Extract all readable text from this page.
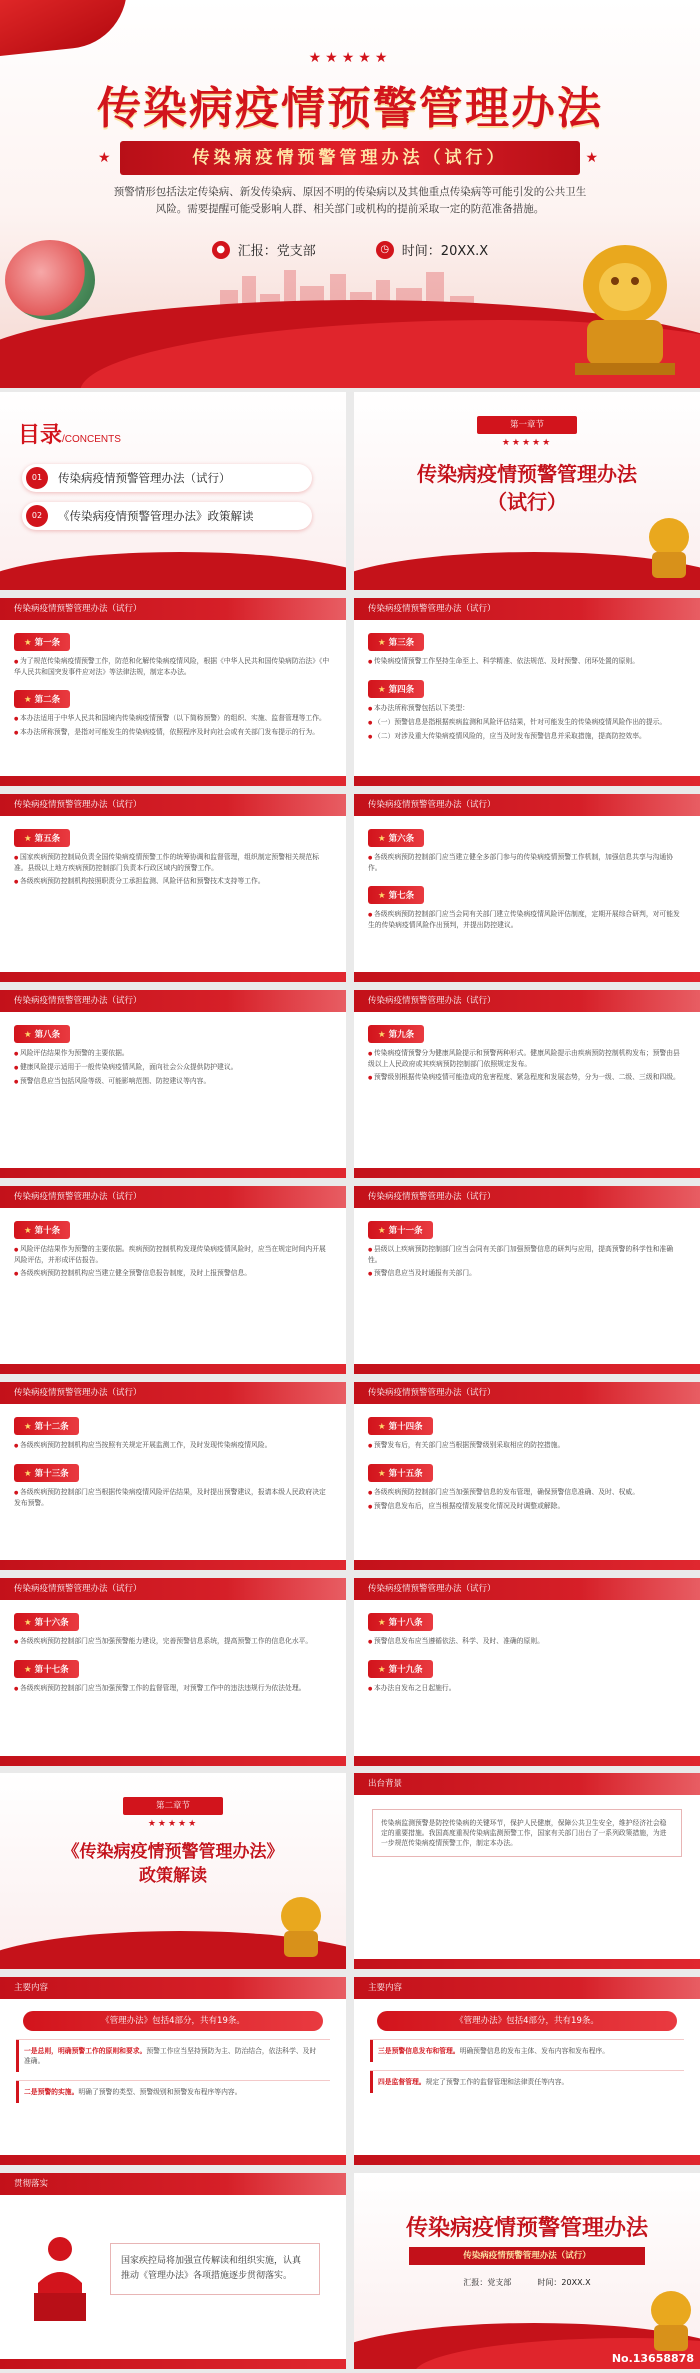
★★★★★
传染病疫情预警管理办法
★ 传染病疫情预警管理办法（试行） ★
预警情形包括法定传染病、新发传染病、原因不明的传染病以及其他重点传染病等可能引发的公共卫生风险。需要提醒可能受影响人群、相关部门或机构的提前采取一定的防范准备措施。
● 汇报：党支部	◷ 时间：20XX.X
目录/CONCENTS
01	传染病疫情预警管理办法（试行）
02	《传染病疫情预警管理办法》政策解读
第一章节
★★★★★
传染病疫情预警管理办法
（试行）
传染病疫情预警管理办法（试行）
★ 第一条

● 为了规范传染病疫情预警工作，防范和化解传染病疫情风险，根据《中华人民共和国传染病防治法》《中华人民共和国突发事件应对法》等法律法规，制定本办法。

★ 第二条

● 本办法适用于中华人民共和国境内传染病疫情预警（以下简称预警）的组织、实施、监督管理等工作。

● 本办法所称预警，是指对可能发生的传染病疫情，依照程序及时向社会或有关部门发布提示的行为。

传染病疫情预警管理办法（试行）
★ 第三条

● 传染病疫情预警工作坚持生命至上、科学精准、依法规范、及时预警、闭环处置的原则。

★ 第四条

● 本办法所称预警包括以下类型：

● （一）预警信息是指根据疾病监测和风险评估结果，针对可能发生的传染病疫情风险作出的提示。

● （二）对涉及重大传染病疫情风险的，应当及时发布预警信息并采取措施，提高防控效率。

传染病疫情预警管理办法（试行）
★ 第五条

● 国家疾病预防控制局负责全国传染病疫情预警工作的统筹协调和监督管理，组织制定预警相关规范标准。县级以上地方疾病预防控制部门负责本行政区域内的预警工作。

● 各级疾病预防控制机构按照职责分工承担监测、风险评估和预警技术支持等工作。

传染病疫情预警管理办法（试行）
★ 第六条

● 各级疾病预防控制部门应当建立健全多部门参与的传染病疫情预警工作机制，加强信息共享与沟通协作。

★ 第七条

● 各级疾病预防控制部门应当会同有关部门建立传染病疫情风险评估制度，定期开展综合研判，对可能发生的传染病疫情风险作出预判，并提出防控建议。

传染病疫情预警管理办法（试行）
★ 第八条

● 风险评估结果作为预警的主要依据。

● 健康风险提示适用于一般传染病疫情风险，面向社会公众提供防护建议。

● 预警信息应当包括风险等级、可能影响范围、防控建议等内容。

传染病疫情预警管理办法（试行）
★ 第九条

● 传染病疫情预警分为健康风险提示和预警两种形式。健康风险提示由疾病预防控制机构发布；预警由县级以上人民政府或其疾病预防控制部门依照规定发布。

● 预警级别根据传染病疫情可能造成的危害程度、紧急程度和发展态势，分为一级、二级、三级和四级。

传染病疫情预警管理办法（试行）
★ 第十条

● 风险评估结果作为预警的主要依据。疾病预防控制机构发现传染病疫情风险时，应当在规定时间内开展风险评估，并形成评估报告。

● 各级疾病预防控制机构应当建立健全预警信息报告制度，及时上报预警信息。

传染病疫情预警管理办法（试行）
★ 第十一条

● 县级以上疾病预防控制部门应当会同有关部门加强预警信息的研判与应用，提高预警的科学性和准确性。

● 预警信息应当及时通报有关部门。

传染病疫情预警管理办法（试行）
★ 第十二条

● 各级疾病预防控制机构应当按照有关规定开展监测工作，及时发现传染病疫情风险。

★ 第十三条

● 各级疾病预防控制部门应当根据传染病疫情风险评估结果，及时提出预警建议，报请本级人民政府决定发布预警。

传染病疫情预警管理办法（试行）
★ 第十四条

● 预警发布后，有关部门应当根据预警级别采取相应的防控措施。

★ 第十五条

● 各级疾病预防控制部门应当加强预警信息的发布管理，确保预警信息准确、及时、权威。

● 预警信息发布后，应当根据疫情发展变化情况及时调整或解除。

传染病疫情预警管理办法（试行）
★ 第十六条

● 各级疾病预防控制部门应当加强预警能力建设，完善预警信息系统，提高预警工作的信息化水平。

★ 第十七条

● 各级疾病预防控制部门应当加强预警工作的监督管理，对预警工作中的违法违规行为依法处理。

传染病疫情预警管理办法（试行）
★ 第十八条

● 预警信息发布应当遵循依法、科学、及时、准确的原则。

★ 第十九条

● 本办法自发布之日起施行。

第二章节
★★★★★
《传染病疫情预警管理办法》
政策解读
出台背景
传染病监测预警是防控传染病的关键环节，保护人民健康，保障公共卫生安全，维护经济社会稳定的重要措施。我国高度重视传染病监测预警工作，国家有关部门出台了一系列政策措施，为进一步规范传染病疫情预警工作，制定本办法。
主要内容
《管理办法》包括4部分，共有19条。
一是总则，明确预警工作的原则和要求。预警工作应当坚持预防为主、防治结合，依法科学、及时准确。
二是预警的实施。明确了预警的类型、预警级别和预警发布程序等内容。
主要内容
《管理办法》包括4部分，共有19条。
三是预警信息发布和管理。明确预警信息的发布主体、发布内容和发布程序。
四是监督管理。规定了预警工作的监督管理和法律责任等内容。
贯彻落实
国家疾控局将加强宣传解读和组织实施，认真推动《管理办法》各项措施逐步贯彻落实。
传染病疫情预警管理办法
传染病疫情预警管理办法（试行）
汇报：党支部	时间：20XX.X
No.13658878
